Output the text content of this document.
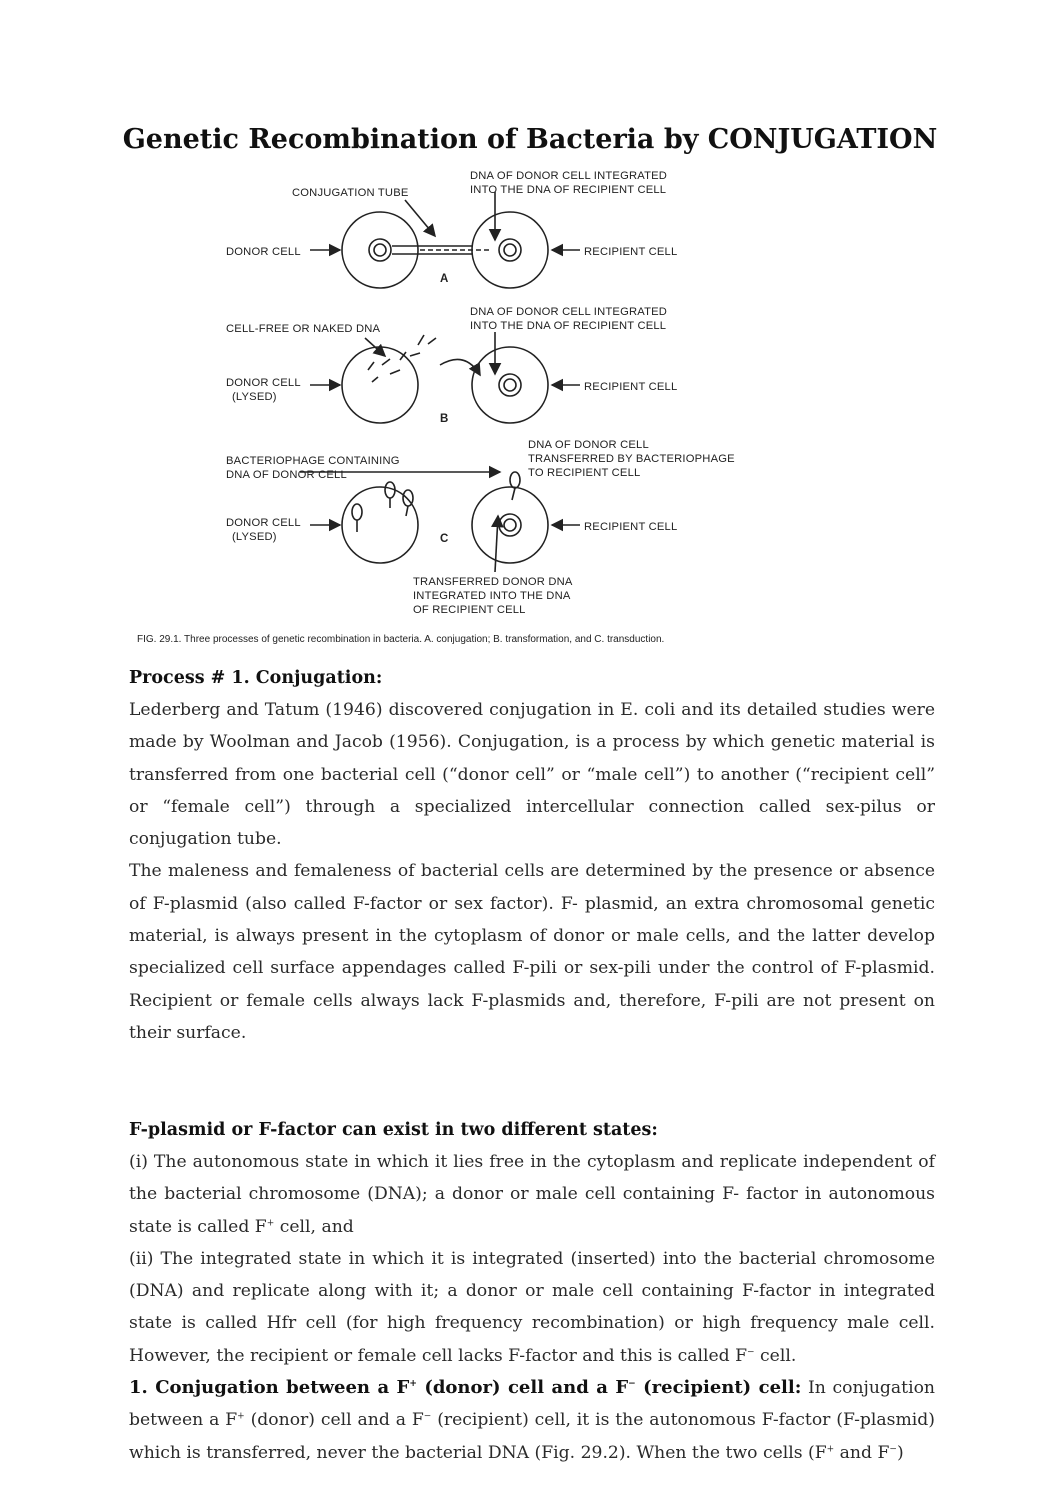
Genetic Recombination of Bacteria by CONJUGATION
CONJUGATION TUBE
DNA OF DONOR CELL INTEGRATED
INTO THE DNA OF RECIPIENT CELL
DONOR CELL	RECIPIENT CELL
A
CELL-FREE OR NAKED DNA
DNA OF DONOR CELL INTEGRATED
INTO THE DNA OF RECIPIENT CELL
DONOR CELL
(LYSED)
RECIPIENT CELL
B
BACTERIOPHAGE CONTAINING
DNA OF DONOR CELL
DNA OF DONOR CELL
TRANSFERRED BY BACTERIOPHAGE
TO RECIPIENT CELL
DONOR CELL
(LYSED)
RECIPIENT CELL
C
TRANSFERRED DONOR DNA
INTEGRATED INTO THE DNA
OF RECIPIENT CELL
FIG. 29.1. Three processes of genetic recombination in bacteria. A. conjugation; B. transformation, and C. transduction.
Process # 1. Conjugation:

Lederberg and Tatum (1946) discovered conjugation in E. coli and its detailed studies were made by Woolman and Jacob (1956). Conjugation, is a process by which genetic material is transferred from one bacterial cell (“donor cell” or “male cell”) to another (“recipient cell” or “female cell”) through a specialized intercellular connection called sex-pilus or conjugation tube.

The maleness and femaleness of bacterial cells are determined by the presence or absence of F-plasmid (also called F-factor or sex factor). F- plasmid, an extra chromosomal genetic material, is always present in the cytoplasm of donor or male cells, and the latter develop specialized cell surface appendages called F-pili or sex-pili under the control of F-plasmid. Recipient or female cells always lack F-plasmids and, therefore, F-pili are not present on their surface.

F-plasmid or F-factor can exist in two different states:

(i) The autonomous state in which it lies free in the cytoplasm and replicate independent of the bacterial chromosome (DNA); a donor or male cell containing F- factor in autonomous state is called F+ cell, and

(ii) The integrated state in which it is integrated (inserted) into the bacterial chromosome (DNA) and replicate along with it; a donor or male cell containing F-factor in integrated state is called Hfr cell (for high frequency recombination) or high frequency male cell. However, the recipient or female cell lacks F-factor and this is called F− cell.

1. Conjugation between a F+ (donor) cell and a F− (recipient) cell: In conjugation between a F+ (donor) cell and a F− (recipient) cell, it is the autonomous F-factor (F-plasmid) which is transferred, never the bacterial DNA (Fig. 29.2). When the two cells (F+ and F−)
